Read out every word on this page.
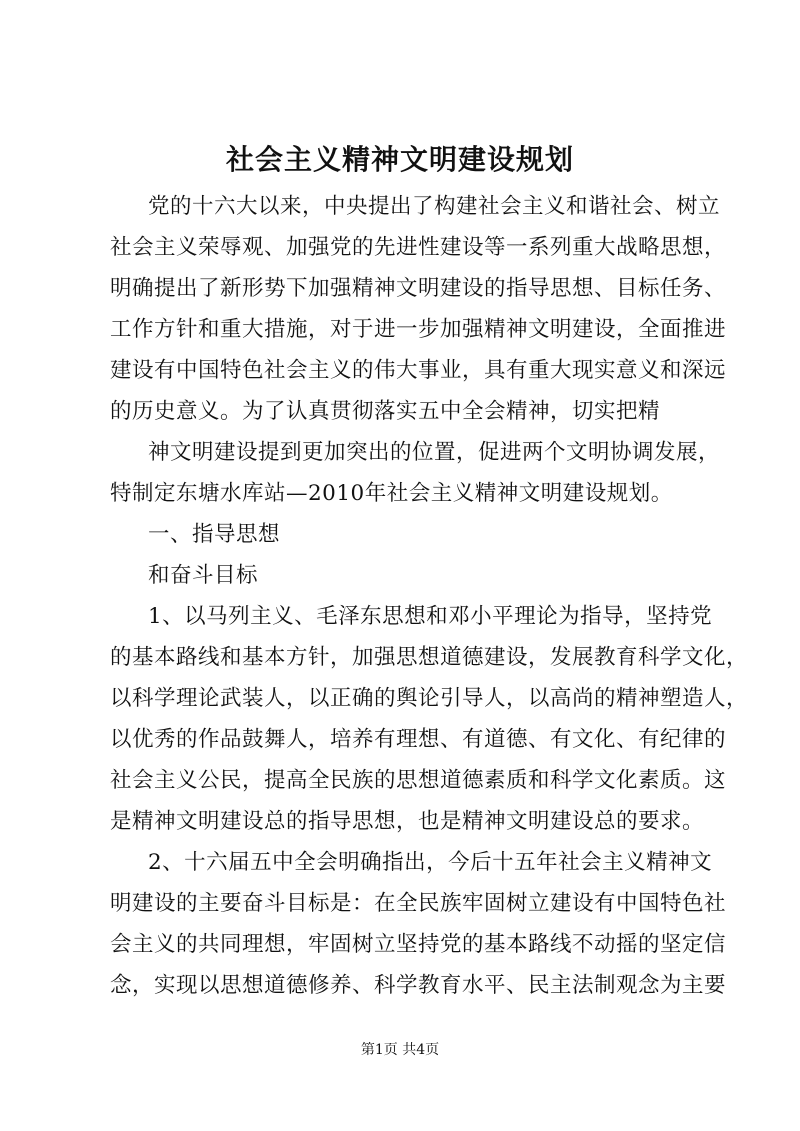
社会主义精神文明建设规划

党的十六大以来，中央提出了构建社会主义和谐社会、树立

社会主义荣辱观、加强党的先进性建设等一系列重大战略思想，

明确提出了新形势下加强精神文明建设的指导思想、目标任务、

工作方针和重大措施，对于进一步加强精神文明建设，全面推进

建设有中国特色社会主义的伟大事业，具有重大现实意义和深远

的历史意义。为了认真贯彻落实五中全会精神，切实把精

神文明建设提到更加突出的位置，促进两个文明协调发展，

特制定东塘水库站—2010年社会主义精神文明建设规划。

一、指导思想

和奋斗目标

1、以马列主义、毛泽东思想和邓小平理论为指导，坚持党

的基本路线和基本方针，加强思想道德建设，发展教育科学文化，

以科学理论武装人，以正确的舆论引导人，以高尚的精神塑造人，

以优秀的作品鼓舞人，培养有理想、有道德、有文化、有纪律的

社会主义公民，提高全民族的思想道德素质和科学文化素质。这

是精神文明建设总的指导思想，也是精神文明建设总的要求。

2、十六届五中全会明确指出，今后十五年社会主义精神文

明建设的主要奋斗目标是：在全民族牢固树立建设有中国特色社

会主义的共同理想，牢固树立坚持党的基本路线不动摇的坚定信

念，实现以思想道德修养、科学教育水平、民主法制观念为主要

第1页 共4页
